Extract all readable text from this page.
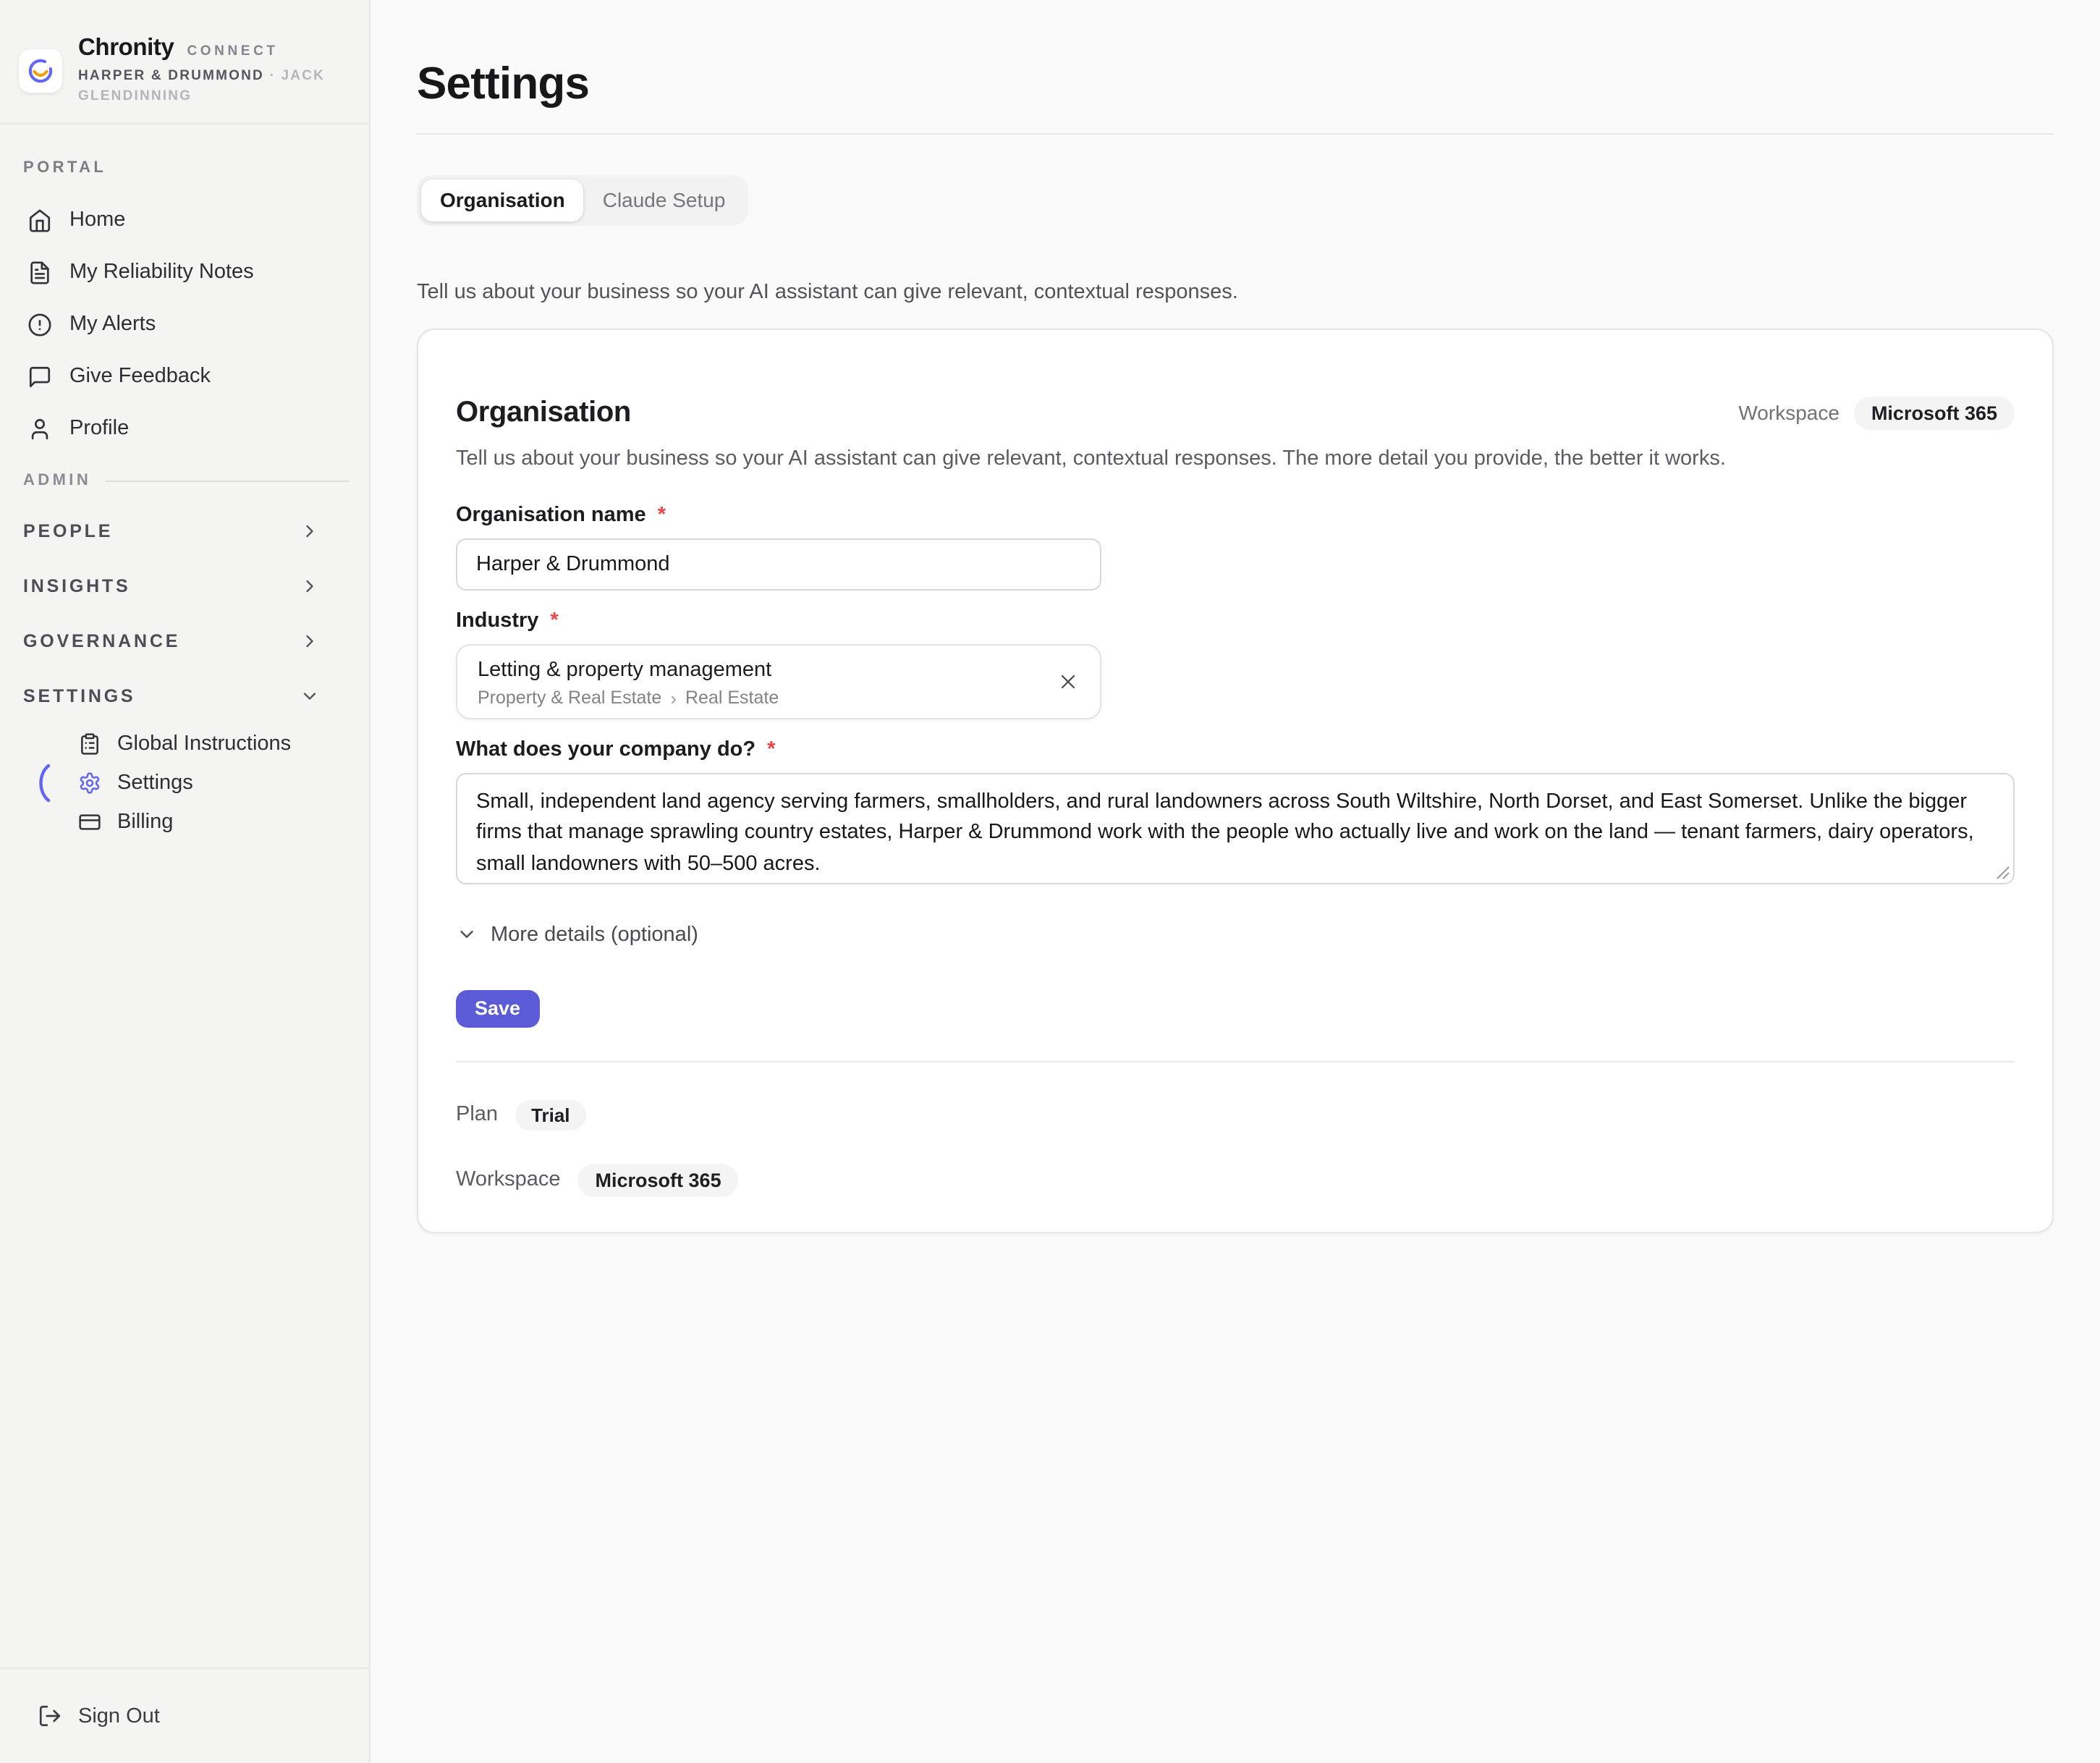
Chronity CONNECT
HARPER & DRUMMOND · JACK GLENDINNING
PORTAL
Home
My Reliability Notes
My Alerts
Give Feedback
Profile
ADMIN
PEOPLE
INSIGHTS
GOVERNANCE
SETTINGS
Global Instructions
Settings
Billing
Sign Out
Settings
Organisation	Claude Setup
Tell us about your business so your AI assistant can give relevant, contextual responses.
Organisation	Workspace	Microsoft 365
Tell us about your business so your AI assistant can give relevant, contextual responses. The more detail you provide, the better it works.
Organisation name *
Harper & Drummond
Industry *
Letting & property management
Property & Real Estate › Real Estate
What does your company do? *
Small, independent land agency serving farmers, smallholders, and rural landowners across South Wiltshire, North Dorset, and East Somerset. Unlike the bigger firms that manage sprawling country estates, Harper & Drummond work with the people who actually live and work on the land — tenant farmers, dairy operators, small landowners with 50–500 acres.
More details (optional)
Save
Plan	Trial
Workspace	Microsoft 365
